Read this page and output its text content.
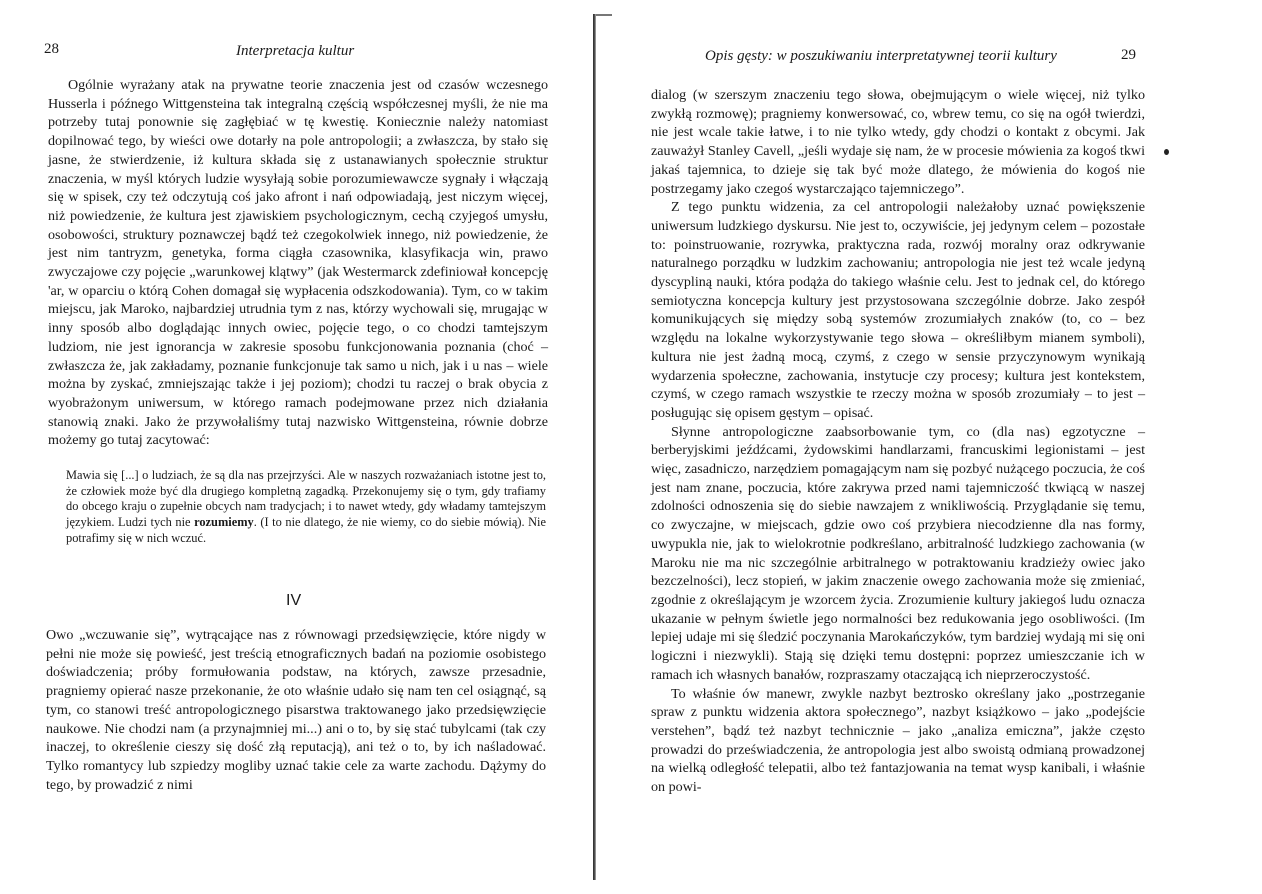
28	Interpretacja kultur

Ogólnie wyrażany atak na prywatne teorie znaczenia jest od czasów wczesnego Husserla i późnego Wittgensteina tak integralną częścią współczesnej myśli, że nie ma potrzeby tutaj ponownie się zagłębiać w tę kwestię. Koniecznie należy natomiast dopilnować tego, by wieści owe dotarły na pole antropologii; a zwłaszcza, by stało się jasne, że stwierdzenie, iż kultura składa się z ustanawianych społecznie struktur znaczenia, w myśl których ludzie wysyłają sobie porozumiewawcze sygnały i włączają się w spisek, czy też odczytują coś jako afront i nań odpowiadają, jest niczym więcej, niż powiedzenie, że kultura jest zjawiskiem psychologicznym, cechą czyjegoś umysłu, osobowości, struktury poznawczej bądź też czegokolwiek innego, niż powiedzenie, że jest nim tantryzm, genetyka, forma ciągła czasownika, klasyfikacja win, prawo zwyczajowe czy pojęcie „warunkowej klątwy” (jak Westermarck zdefiniował koncepcję 'ar, w oparciu o którą Cohen domagał się wypłacenia odszkodowania). Tym, co w takim miejscu, jak Maroko, najbardziej utrudnia tym z nas, którzy wychowali się, mrugając w inny sposób albo doglądając innych owiec, pojęcie tego, o co chodzi tamtejszym ludziom, nie jest ignorancja w zakresie sposobu funkcjonowania poznania (choć – zwłaszcza że, jak zakładamy, poznanie funkcjonuje tak samo u nich, jak i u nas – wiele można by zyskać, zmniejszając także i jej poziom); chodzi tu raczej o brak obycia z wyobrażonym uniwersum, w którego ramach podejmowane przez nich działania stanowią znaki. Jako że przywołaliśmy tutaj nazwisko Wittgensteina, równie dobrze możemy go tutaj zacytować:

Mawia się [...] o ludziach, że są dla nas przejrzyści. Ale w naszych rozważaniach istotne jest to, że człowiek może być dla drugiego kompletną zagadką. Przekonujemy się o tym, gdy trafiamy do obcego kraju o zupełnie obcych nam tradycjach; i to nawet wtedy, gdy władamy tamtejszym językiem. Ludzi tych nie rozumiemy. (I to nie dlatego, że nie wiemy, co do siebie mówią). Nie potrafimy się w nich wczuć.

IV

Owo „wczuwanie się”, wytrącające nas z równowagi przedsięwzięcie, które nigdy w pełni nie może się powieść, jest treścią etnograficznych badań na poziomie osobistego doświadczenia; próby formułowania podstaw, na których, zawsze przesadnie, pragniemy opierać nasze przekonanie, że oto właśnie udało się nam ten cel osiągnąć, są tym, co stanowi treść antropologicznego pisarstwa traktowanego jako przedsięwzięcie naukowe. Nie chodzi nam (a przynajmniej mi...) ani o to, by się stać tubylcami (tak czy inaczej, to określenie cieszy się dość złą reputacją), ani też o to, by ich naśladować. Tylko romantycy lub szpiedzy mogliby uznać takie cele za warte zachodu. Dążymy do tego, by prowadzić z nimi

Opis gęsty: w poszukiwaniu interpretatywnej teorii kultury	29

dialog (w szerszym znaczeniu tego słowa, obejmującym o wiele więcej, niż tylko zwykłą rozmowę); pragniemy konwersować, co, wbrew temu, co się na ogół twierdzi, nie jest wcale takie łatwe, i to nie tylko wtedy, gdy chodzi o kontakt z obcymi. Jak zauważył Stanley Cavell, „jeśli wydaje się nam, że w procesie mówienia za kogoś tkwi jakaś tajemnica, to dzieje się tak być może dlatego, że mówienia do kogoś nie postrzegamy jako czegoś wystarczająco tajemniczego”.

Z tego punktu widzenia, za cel antropologii należałoby uznać powiększenie uniwersum ludzkiego dyskursu. Nie jest to, oczywiście, jej jedynym celem – pozostałe to: poinstruowanie, rozrywka, praktyczna rada, rozwój moralny oraz odkrywanie naturalnego porządku w ludzkim zachowaniu; antropologia nie jest też wcale jedyną dyscypliną nauki, która podąża do takiego właśnie celu. Jest to jednak cel, do którego semiotyczna koncepcja kultury jest przystosowana szczególnie dobrze. Jako zespół komunikujących się między sobą systemów zrozumiałych znaków (to, co – bez względu na lokalne wykorzystywanie tego słowa – określiłbym mianem symboli), kultura nie jest żadną mocą, czymś, z czego w sensie przyczynowym wynikają wydarzenia społeczne, zachowania, instytucje czy procesy; kultura jest kontekstem, czymś, w czego ramach wszystkie te rzeczy można w sposób zrozumiały – to jest – posługując się opisem gęstym – opisać.

Słynne antropologiczne zaabsorbowanie tym, co (dla nas) egzotyczne – berberyjskimi jeźdźcami, żydowskimi handlarzami, francuskimi legionistami – jest więc, zasadniczo, narzędziem pomagającym nam się pozbyć nużącego poczucia, że coś jest nam znane, poczucia, które zakrywa przed nami tajemniczość tkwiącą w naszej zdolności odnoszenia się do siebie nawzajem z wnikliwością. Przyglądanie się temu, co zwyczajne, w miejscach, gdzie owo coś przybiera niecodzienne dla nas formy, uwypukla nie, jak to wielokrotnie podkreślano, arbitralność ludzkiego zachowania (w Maroku nie ma nic szczególnie arbitralnego w potraktowaniu kradzieży owiec jako bezczelności), lecz stopień, w jakim znaczenie owego zachowania może się zmieniać, zgodnie z określającym je wzorcem życia. Zrozumienie kultury jakiegoś ludu oznacza ukazanie w pełnym świetle jego normalności bez redukowania jego osobliwości. (Im lepiej udaje mi się śledzić poczynania Marokańczyków, tym bardziej wydają mi się oni logiczni i niezwykli). Stają się dzięki temu dostępni: poprzez umieszczanie ich w ramach ich własnych banałów, rozpraszamy otaczającą ich nieprzeroczystość.

To właśnie ów manewr, zwykle nazbyt beztrosko określany jako „postrzeganie spraw z punktu widzenia aktora społecznego”, nazbyt książkowo – jako „podejście verstehen”, bądź też nazbyt technicznie – jako „analiza emiczna”, jakże często prowadzi do przeświadczenia, że antropologia jest albo swoistą odmianą prowadzonej na wielką odległość telepatii, albo też fantazjowania na temat wysp kanibali, i właśnie on powi-
